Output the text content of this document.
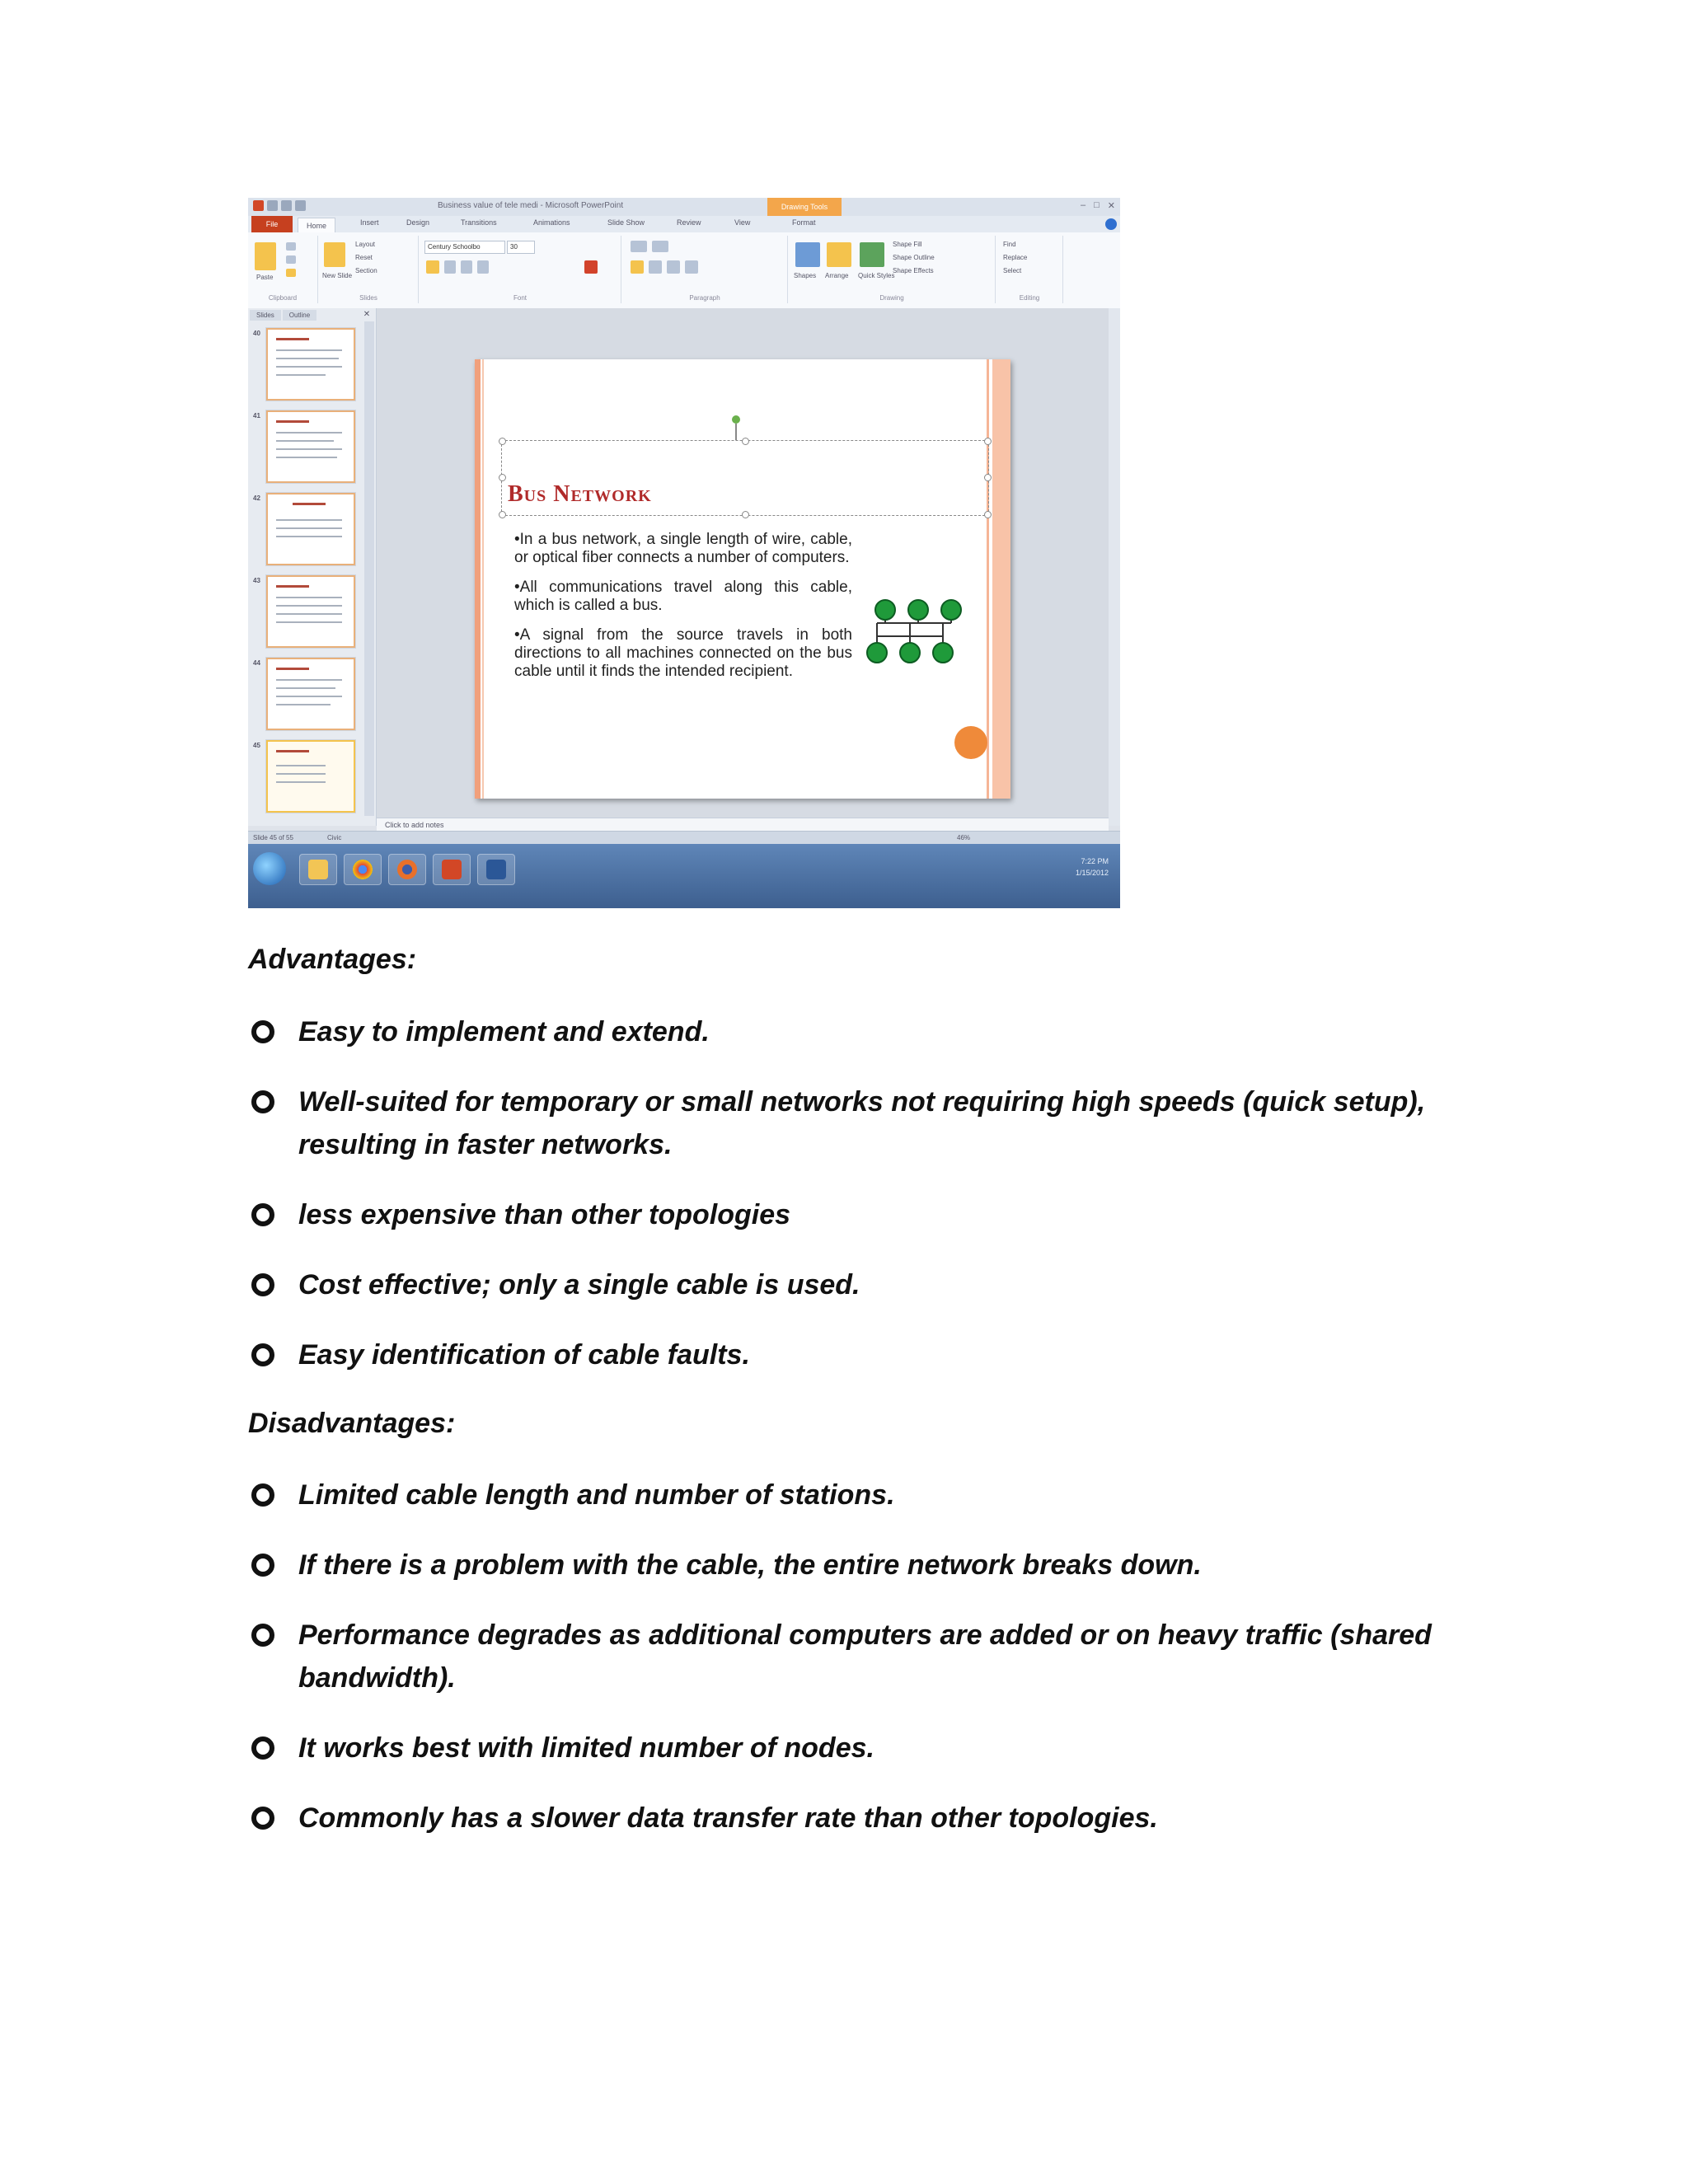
Business value of tele medi - Microsoft PowerPoint	Drawing Tools	– □ ✕
File	Home	Insert	Design	Transitions	Animations	Slide Show	Review	View	Format
Paste
Clipboard
New Slide
Layout
Reset
Section
Slides
Century Schoolbo	30
Font	Paragraph
Shapes Arrange Quick Styles
Shape Fill
Shape Outline
Shape Effects
Drawing
Find
Replace
Select
Editing
Slides	Outline	✕
40
41
42
43
44
45
Bus Network

•In a bus network, a single length of wire, cable, or optical fiber connects a number of computers.

•All communications travel along this cable, which is called a bus.

•A signal from the source travels in both directions to all machines connected on the bus cable until it finds the intended recipient.

Click to add notes
Slide 45 of 55	Civic	46%
7:22 PM
1/15/2012
Advantages:
Easy to implement and extend.
Well-suited for temporary or small networks not requiring high speeds (quick setup), resulting in faster networks.
less expensive than other topologies
Cost effective; only a single cable is used.
Easy identification of cable faults.
Disadvantages:
Limited cable length and number of stations.
If there is a problem with the cable, the entire network breaks down.
Performance degrades as additional computers are added or on heavy traffic (shared bandwidth).
It works best with limited number of nodes.
Commonly has a slower data transfer rate than other topologies.
